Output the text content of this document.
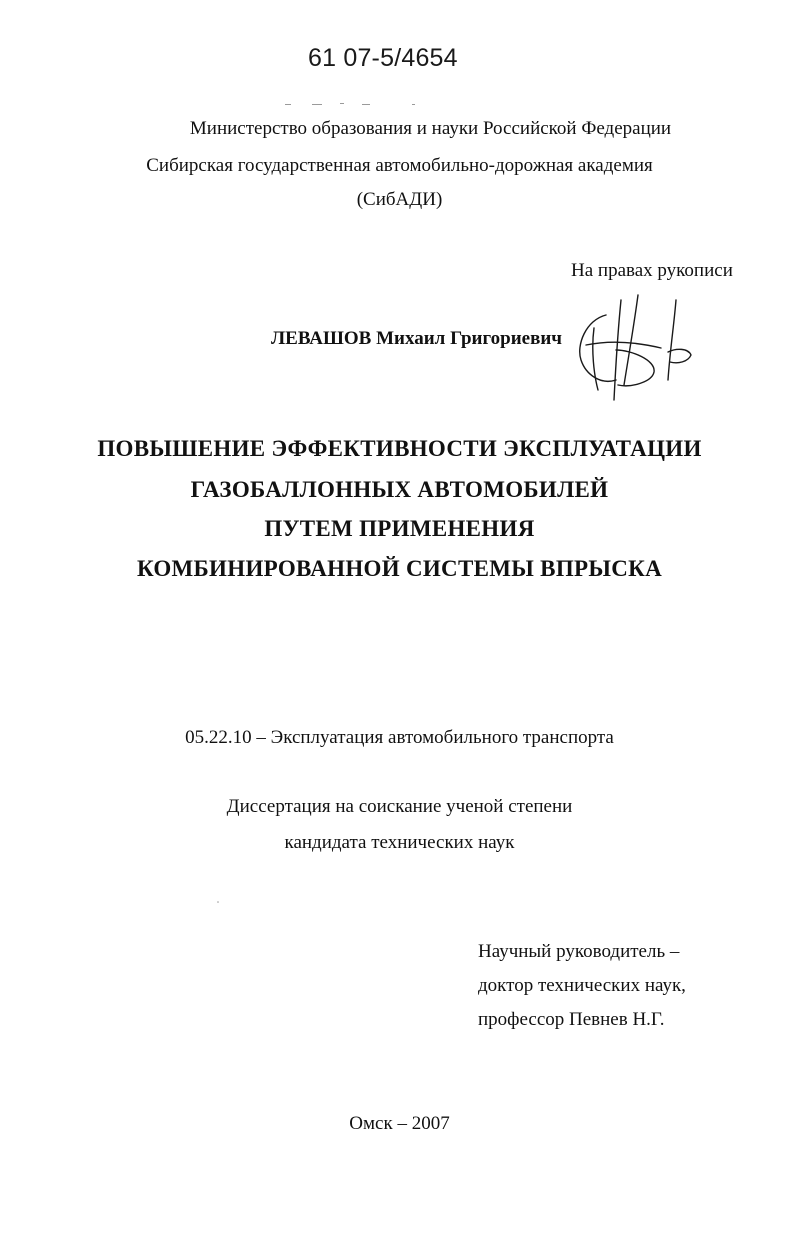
61 07-5/4654
Министерство образования и науки Российской Федерации
Сибирская государственная автомобильно-дорожная академия
(СибАДИ)
На правах рукописи
ЛЕВАШОВ Михаил Григориевич
ПОВЫШЕНИЕ ЭФФЕКТИВНОСТИ ЭКСПЛУАТАЦИИ
ГАЗОБАЛЛОННЫХ АВТОМОБИЛЕЙ
ПУТЕМ ПРИМЕНЕНИЯ
КОМБИНИРОВАННОЙ СИСТЕМЫ ВПРЫСКА
05.22.10 – Эксплуатация автомобильного транспорта
Диссертация на соискание ученой степени
кандидата технических наук
Научный руководитель –
доктор технических наук,
профессор Певнев Н.Г.
Омск – 2007
